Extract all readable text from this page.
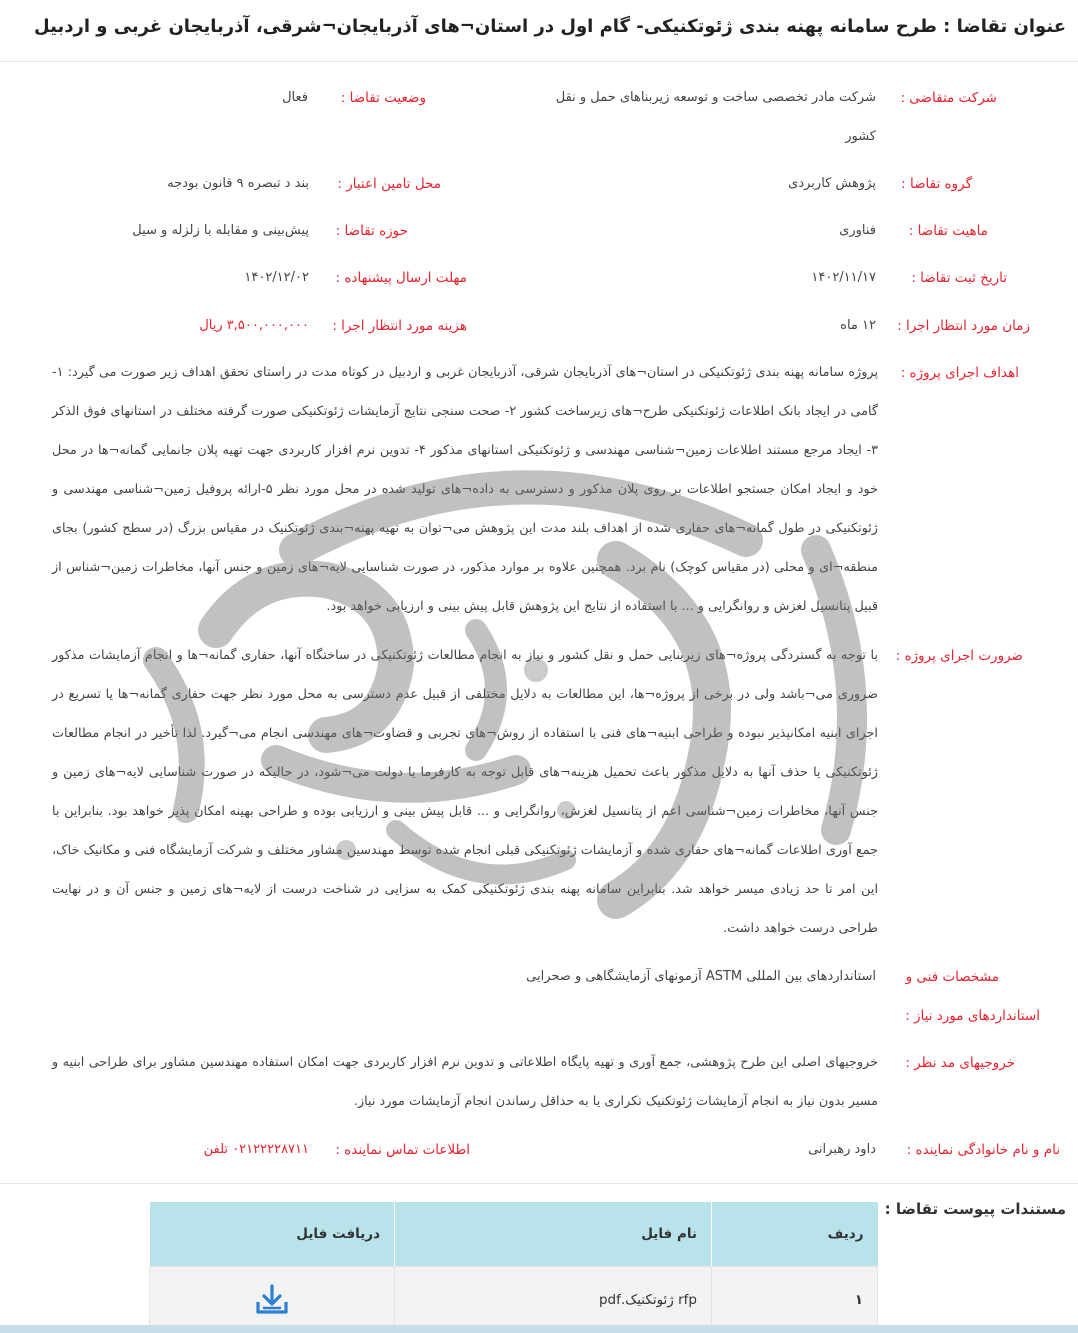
عنوان تقاضا : طرح سامانه پهنه بندی ژئوتکنیکی- گام اول در استان¬های آذربایجان¬شرقی، آذربایجان غربی و اردبیل
شرکت متقاضی :
شرکت مادر تخصصی ساخت و توسعه زیربناهای حمل و نقل
کشور
وضعیت تقاضا :
فعال
گروه تقاضا :
پژوهش کاربردی
محل تامین اعتبار :
بند د تبصره ۹ قانون بودجه
ماهیت تقاضا :
فناوری
حوزه تقاضا :
پیش‌بینی و مقابله با زلزله و سیل
تاریخ ثبت تقاضا :
۱۴۰۲/۱۱/۱۷
مهلت ارسال پیشنهاده :
۱۴۰۲/۱۲/۰۲
زمان مورد انتظار اجرا :
۱۲ ماه
هزینه مورد انتظار اجرا :
۳,۵۰۰,۰۰۰,۰۰۰ ریال
اهداف اجرای پروژه :
پروژه سامانه پهنه بندی ژئوتکنیکی در استان¬های آذربایجان شرقی، آذربایجان غربی و اردبیل در کوتاه مدت در راستای تحقق اهداف زیر صورت می گیرد: ۱-گامی در ایجاد بانک اطلاعات ژئوتکنیکی طرح¬های زیرساخت کشور ۲- صحت سنجی نتایج آزمایشات ژئوتکنیکی صورت گرفته مختلف در استانهای فوق الذکر ۳- ایجاد مرجع مستند اطلاعات زمین¬شناسی مهندسی و ژئوتکنیکی استانهای مذکور ۴- تدوین نرم افزار کاربردی جهت تهیه پلان جانمایی گمانه¬ها در محل خود و ایجاد امکان جستجو اطلاعات بر روی پلان مذکور و دسترسی به داده¬های تولید شده در محل مورد نظر ۵-ارائه پروفیل زمین¬شناسی مهندسی و ژئوتکنیکی در طول گمانه¬های حفاری شده از اهداف بلند مدت این پژوهش می¬توان به تهیه پهنه¬بندی ژئوتکنیک در مقیاس بزرگ (در سطح کشور) بجای منطقه¬ای و محلی (در مقیاس کوچک) نام برد. همچنین علاوه بر موارد مذکور، در صورت شناسایی لایه¬های زمین و جنس آنها، مخاطرات زمین¬شناس از قبیل پتانسیل لغزش و روانگرایی و ... با استفاده از نتایج این پژوهش قابل پیش بینی و ارزیابی خواهد بود.
ضرورت اجرای پروژه :
با توجه به گستردگی پروژه¬های زیربنایی حمل و نقل کشور و نیاز به انجام مطالعات ژئوتکنیکی در ساختگاه آنها، حفاری گمانه¬ها و انجام آزمایشات مذکور ضروری می¬باشد ولی در برخی از پروژه¬ها، این مطالعات به دلایل مختلفی از قبیل عدم دسترسی به محل مورد نظر جهت حفاری گمانه¬ها یا تسریع در اجرای ابنیه امکانپذیر نبوده و طراحی ابنیه¬های فنی با استفاده از روش¬های تجربی و قضاوت¬های مهندسی انجام می¬گیرد. لذا تأخیر در انجام مطالعات ژئوتکنیکی یا حذف آنها به دلایل مذکور باعث تحمیل هزینه¬های قابل توجه به کارفرما یا دولت می¬شود، در حالیکه در صورت شناسایی لایه¬های زمین و جنس آنها، مخاطرات زمین¬شناسی اعم از پتانسیل لغزش، روانگرایی و ... قابل پیش بینی و ارزیابی بوده و طراحی بهینه امکان پذیر خواهد بود. بنابراین با جمع آوری اطلاعات گمانه¬های حفاری شده و آزمایشات ژئوتکنیکی قبلی انجام شده توسط مهندسین مشاور مختلف و شرکت آزمایشگاه فنی و مکانیک خاک، این امر تا حد زیادی میسر خواهد شد. بنابراین سامانه پهنه بندی ژئوتکنیکی کمک به سزایی در شناخت درست از لایه¬های زمین و جنس آن و در نهایت طراحی درست خواهد داشت.
مشخصات فنی و
استانداردهای مورد نیاز :
استانداردهای بین المللی ASTM آزمونهای آزمایشگاهی و صحرایی
خروجیهای مد نظر :
خروجیهای اصلی این طرح پژوهشی، جمع آوری و تهیه پایگاه اطلاعاتی و تدوین نرم افزار کاربردی جهت امکان استفاده مهندسین مشاور برای طراحی ابنیه و مسیر بدون نیاز به انجام آزمایشات ژئوتکنیک تکراری یا به حداقل رساندن انجام آزمایشات مورد نیاز.
نام و نام خانوادگی نماینده :
داود رهبرانی
اطلاعات تماس نماینده :
۰۲۱۲۲۲۲۸۷۱۱ تلفن
مستندات پیوست تقاضا :
ردیف	نام فایل	دریافت فایل
۱	rfp ژئوتکنیک.pdf	
